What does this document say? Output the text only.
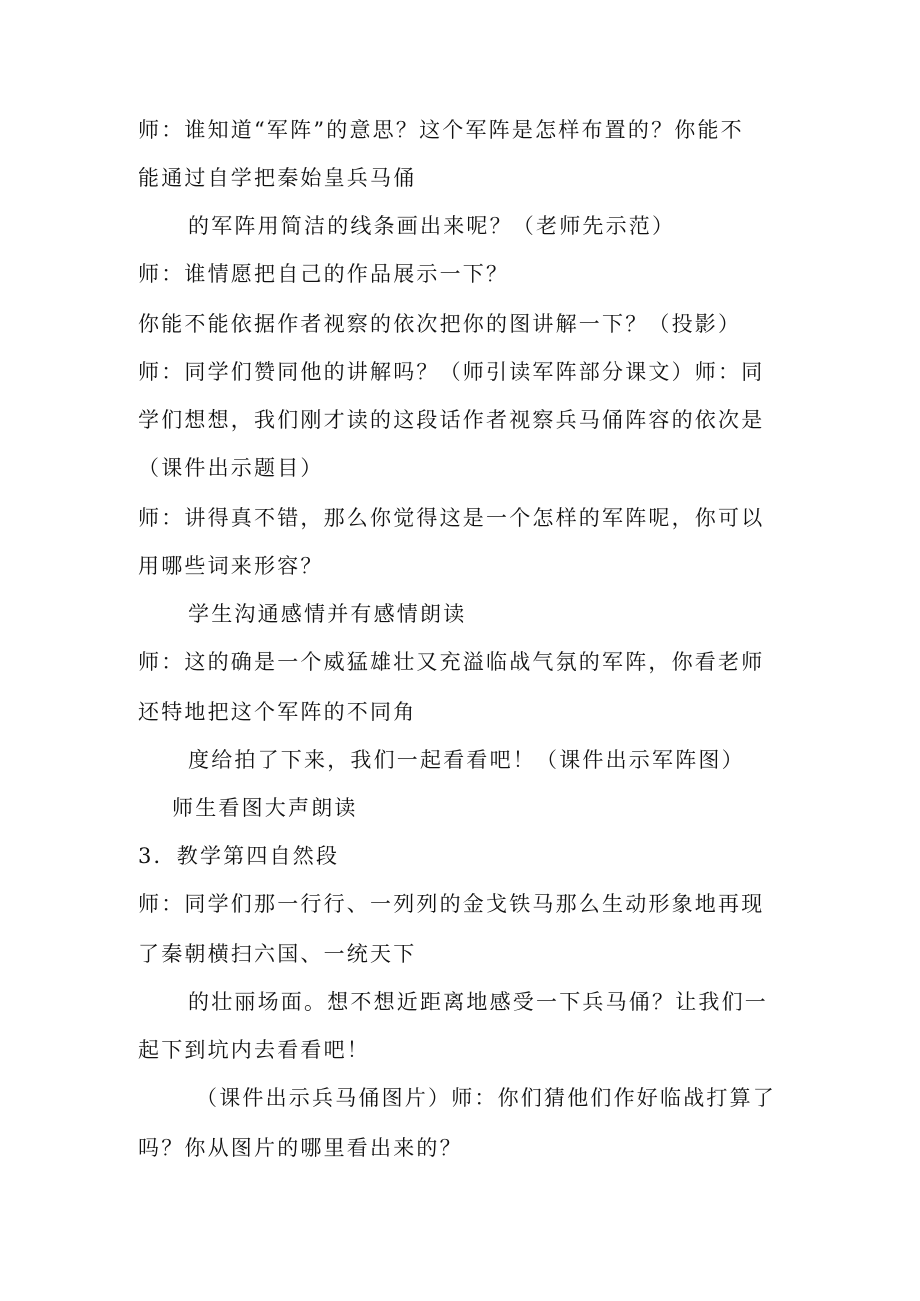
师：谁知道“军阵”的意思？这个军阵是怎样布置的？你能不
能通过自学把秦始皇兵马俑
的军阵用简洁的线条画出来呢？（老师先示范）
师：谁情愿把自己的作品展示一下？
你能不能依据作者视察的依次把你的图讲解一下？（投影）
师：同学们赞同他的讲解吗？（师引读军阵部分课文）师：同
学们想想，我们刚才读的这段话作者视察兵马俑阵容的依次是
（课件出示题目）
师：讲得真不错，那么你觉得这是一个怎样的军阵呢，你可以
用哪些词来形容？
学生沟通感情并有感情朗读
师：这的确是一个威猛雄壮又充溢临战气氛的军阵，你看老师
还特地把这个军阵的不同角
度给拍了下来，我们一起看看吧！（课件出示军阵图）
师生看图大声朗读
3．教学第四自然段
师：同学们那一行行、一列列的金戈铁马那么生动形象地再现
了秦朝横扫六国、一统天下
的壮丽场面。想不想近距离地感受一下兵马俑？让我们一
起下到坑内去看看吧！
（课件出示兵马俑图片）师：你们猜他们作好临战打算了
吗？你从图片的哪里看出来的？
